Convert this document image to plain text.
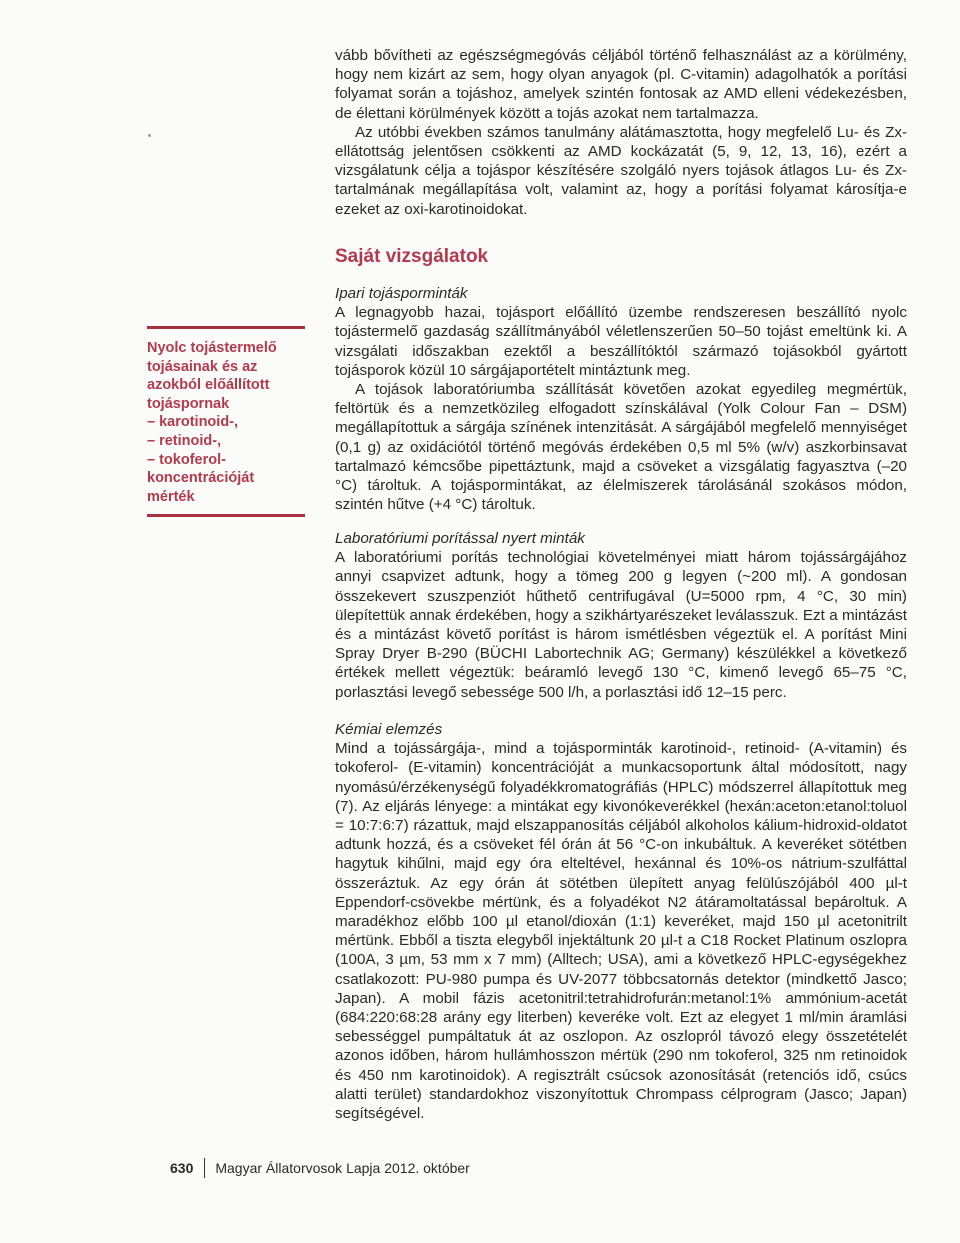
vább bővítheti az egészségmegóvás céljából történő felhasználást az a körülmény, hogy nem kizárt az sem, hogy olyan anyagok (pl. C-vitamin) adagolhatók a porítási folyamat során a tojáshoz, amelyek szintén fontosak az AMD elleni védekezésben, de élettani körülmények között a tojás azokat nem tartalmazza.

Az utóbbi években számos tanulmány alátámasztotta, hogy megfelelő Lu- és Zx-ellátottság jelentősen csökkenti az AMD kockázatát (5, 9, 12, 13, 16), ezért a vizsgálatunk célja a tojáspor készítésére szolgáló nyers tojások átlagos Lu- és Zx-tartalmának megállapítása volt, valamint az, hogy a porítási folyamat károsítja-e ezeket az oxi-karotinoidokat.

Saját vizsgálatok
Nyolc tojástermelő
tojásainak és az
azokból előállított
tojáspornak
– karotinoid-,
– retinoid-,
– tokoferol-
koncentrációját
mérték

Ipari tojásporminták

A legnagyobb hazai, tojásport előállító üzembe rendszeresen beszállító nyolc tojástermelő gazdaság szállítmányából véletlenszerűen 50–50 tojást emeltünk ki. A vizsgálati időszakban ezektől a beszállítóktól származó tojásokból gyártott tojásporok közül 10 sárgájaportételt mintáztunk meg.

A tojások laboratóriumba szállítását követően azokat egyedileg megmértük, feltörtük és a nemzetközileg elfogadott színskálával (Yolk Colour Fan – DSM) megállapítottuk a sárgája színének intenzitását. A sárgájából megfelelő mennyiséget (0,1 g) az oxidációtól történő megóvás érdekében 0,5 ml 5% (w/v) aszkorbinsavat tartalmazó kémcsőbe pipettáztunk, majd a csöveket a vizsgálatig fagyasztva (–20 °C) tároltuk. A tojáspormintákat, az élelmiszerek tárolásánál szokásos módon, szintén hűtve (+4 °C) tároltuk.

Laboratóriumi porítással nyert minták

A laboratóriumi porítás technológiai követelményei miatt három tojássárgájához annyi csapvizet adtunk, hogy a tömeg 200 g legyen (~200 ml). A gondosan összekevert szuszpenziót hűthető centrifugával (U=5000 rpm, 4 °C, 30 min) ülepítettük annak érdekében, hogy a szikhártyarészeket leválasszuk. Ezt a mintázást és a mintázást követő porítást is három ismétlésben végeztük el. A porítást Mini Spray Dryer B-290 (BÜCHI Labortechnik AG; Germany) készülékkel a következő értékek mellett végeztük: beáramló levegő 130 °C, kimenő levegő 65–75 °C, porlasztási levegő sebessége 500 l/h, a porlasztási idő 12–15 perc.

Kémiai elemzés

Mind a tojássárgája-, mind a tojásporminták karotinoid-, retinoid- (A-vitamin) és tokoferol- (E-vitamin) koncentrációját a munkacsoportunk által módosított, nagy nyomású/érzékenységű folyadékkromatográfiás (HPLC) módszerrel állapítottuk meg (7). Az eljárás lényege: a mintákat egy kivonókeverékkel (hexán:aceton:etanol:toluol = 10:7:6:7) rázattuk, majd elszappanosítás céljából alkoholos kálium-hidroxid-oldatot adtunk hozzá, és a csöveket fél órán át 56 °C-on inkubáltuk. A keveréket sötétben hagytuk kihűlni, majd egy óra elteltével, hexánnal és 10%-os nátrium-szulfáttal összeráztuk. Az egy órán át sötétben ülepített anyag felülúszójából 400 µl-t Eppendorf-csövekbe mértünk, és a folyadékot N2 átáramoltatással bepároltuk. A maradékhoz előbb 100 µl etanol/dioxán (1:1) keveréket, majd 150 µl acetonitrilt mértünk. Ebből a tiszta elegyből injektáltunk 20 µl-t a C18 Rocket Platinum oszlopra (100A, 3 µm, 53 mm x 7 mm) (Alltech; USA), ami a következő HPLC-egységekhez csatlakozott: PU-980 pumpa és UV-2077 többcsatornás detektor (mindkettő Jasco; Japan). A mobil fázis acetonitril:tetrahidrofurán:metanol:1% ammónium-acetát (684:220:68:28 arány egy literben) keveréke volt. Ezt az elegyet 1 ml/min áramlási sebességgel pumpáltatuk át az oszlopon. Az oszlopról távozó elegy összetételét azonos időben, három hullámhosszon mértük (290 nm tokoferol, 325 nm retinoidok és 450 nm karotinoidok). A regisztrált csúcsok azonosítását (retenciós idő, csúcs alatti terület) standardokhoz viszonyítottuk Chrompass célprogram (Jasco; Japan) segítségével.

630 Magyar Állatorvosok Lapja 2012. október
